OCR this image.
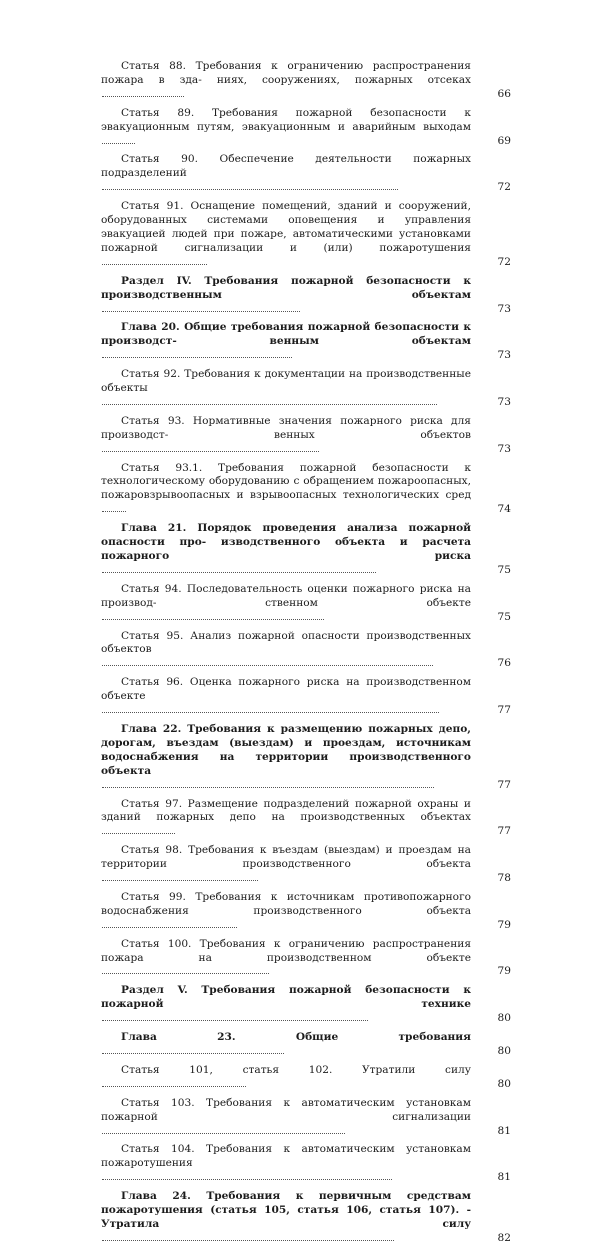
Статья 88. Требования к ограничению распространения пожара в зда- ниях, сооружениях, пожарных отсеках
66
Статья 89. Требования пожарной безопасности к эвакуационным путям, эвакуационным и аварийным выходам
69
Статья 90. Обеспечение деятельности пожарных подразделений
72
Статья 91. Оснащение помещений, зданий и сооружений, оборудованных системами оповещения и управления эвакуацией людей при пожаре, автоматическими установками пожарной	сигнализации и (или) пожаротушения
72
Раздел IV. Требования пожарной безопасности к производственным	объектам
73
Глава 20. Общие требования пожарной безопасности к производст-	венным объектам
73
Статья 92. Требования к документации на производственные объекты
73
Статья 93. Нормативные значения пожарного риска для производст-	венных объектов
73
Статья 93.1. Требования пожарной безопасности к технологическому оборудованию с обращением пожароопасных, пожаровзрывоопасных и взрывоопасных технологических сред
74
Глава 21. Порядок проведения анализа пожарной опасности про- изводственного объекта и расчета пожарного риска
75
Статья 94. Последовательность оценки пожарного риска на производ-	ственном объекте
75
Статья 95. Анализ пожарной опасности производственных объектов
76
Статья 96. Оценка пожарного риска на производственном объекте
77
Глава 22. Требования к размещению пожарных депо, дорогам, въездам (выездам) и проездам, источникам водоснабжения на территории производственного объекта
77
Статья 97. Размещение подразделений пожарной охраны и зданий пожарных депо на производственных объектах
77
Статья 98. Требования к въездам (выездам) и проездам на территории	производственного объекта
78
Статья 99. Требования к источникам противопожарного водоснабжения	производственного объекта
79
Статья 100. Требования к ограничению распространения пожара на	производственном объекте
79
Раздел V. Требования пожарной безопасности к пожарной технике
80
Глава 23. Общие требования
80
Статья 101, статья 102. Утратили силу
80
Статья 103. Требования к автоматическим установкам пожарной	сигнализации
81
Статья 104. Требования к автоматическим установкам пожаротушения
81
Глава 24. Требования к первичным средствам пожаротушения (статья 105, статья 106, статья 107). - Утратила силу
82
